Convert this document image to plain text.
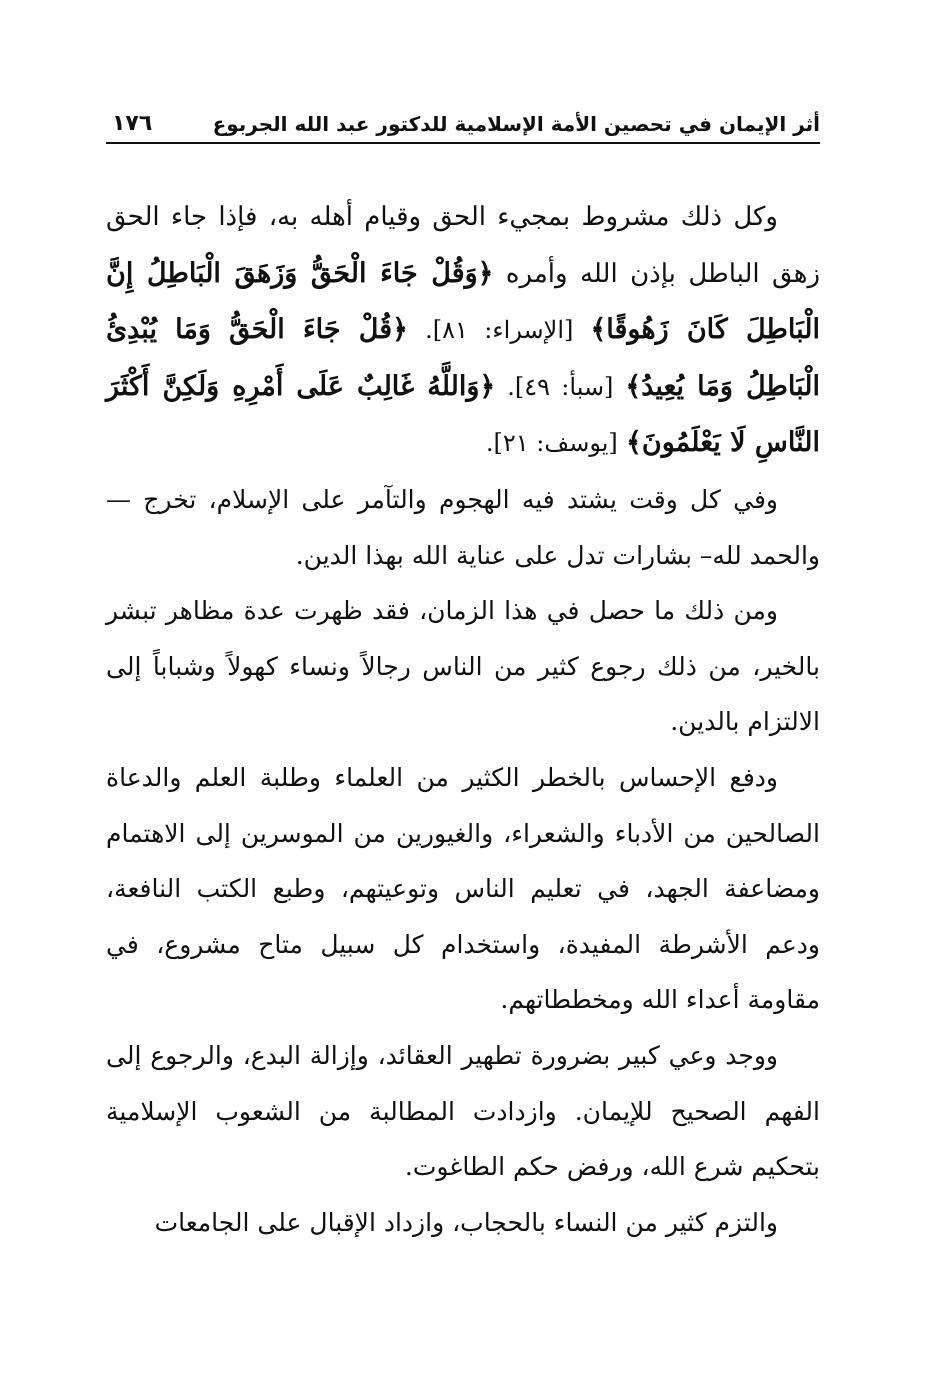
أثر الإيمان في تحصين الأمة الإسلامية للدكتور عبد الله الجربوع
١٧٦

وكل ذلك مشروط بمجيء الحق وقيام أهله به، فإذا جاء الحق زهق الباطل بإذن الله وأمره ﴿وَقُلْ جَاءَ الْحَقُّ وَزَهَقَ الْبَاطِلُ إِنَّ الْبَاطِلَ كَانَ زَهُوقًا﴾ [الإسراء: ٨١]. ﴿قُلْ جَاءَ الْحَقُّ وَمَا يُبْدِئُ الْبَاطِلُ وَمَا يُعِيدُ﴾ [سبأ: ٤٩]. ﴿وَاللَّهُ غَالِبٌ عَلَى أَمْرِهِ وَلَكِنَّ أَكْثَرَ النَّاسِ لَا يَعْلَمُونَ﴾ [يوسف: ٢١].

وفي كل وقت يشتد فيه الهجوم والتآمر على الإسلام، تخرج —والحمد لله– بشارات تدل على عناية الله بهذا الدين.

ومن ذلك ما حصل في هذا الزمان، فقد ظهرت عدة مظاهر تبشر بالخير، من ذلك رجوع كثير من الناس رجالاً ونساء كهولاً وشباباً إلى الالتزام بالدين.

ودفع الإحساس بالخطر الكثير من العلماء وطلبة العلم والدعاة الصالحين من الأدباء والشعراء، والغيورين من الموسرين إلى الاهتمام ومضاعفة الجهد، في تعليم الناس وتوعيتهم، وطبع الكتب النافعة، ودعم الأشرطة المفيدة، واستخدام كل سبيل متاح مشروع، في مقاومة أعداء الله ومخططاتهم.

ووجد وعي كبير بضرورة تطهير العقائد، وإزالة البدع، والرجوع إلى الفهم الصحيح للإيمان. وازدادت المطالبة من الشعوب الإسلامية بتحكيم شرع الله، ورفض حكم الطاغوت.

والتزم كثير من النساء بالحجاب، وازداد الإقبال على الجامعات
